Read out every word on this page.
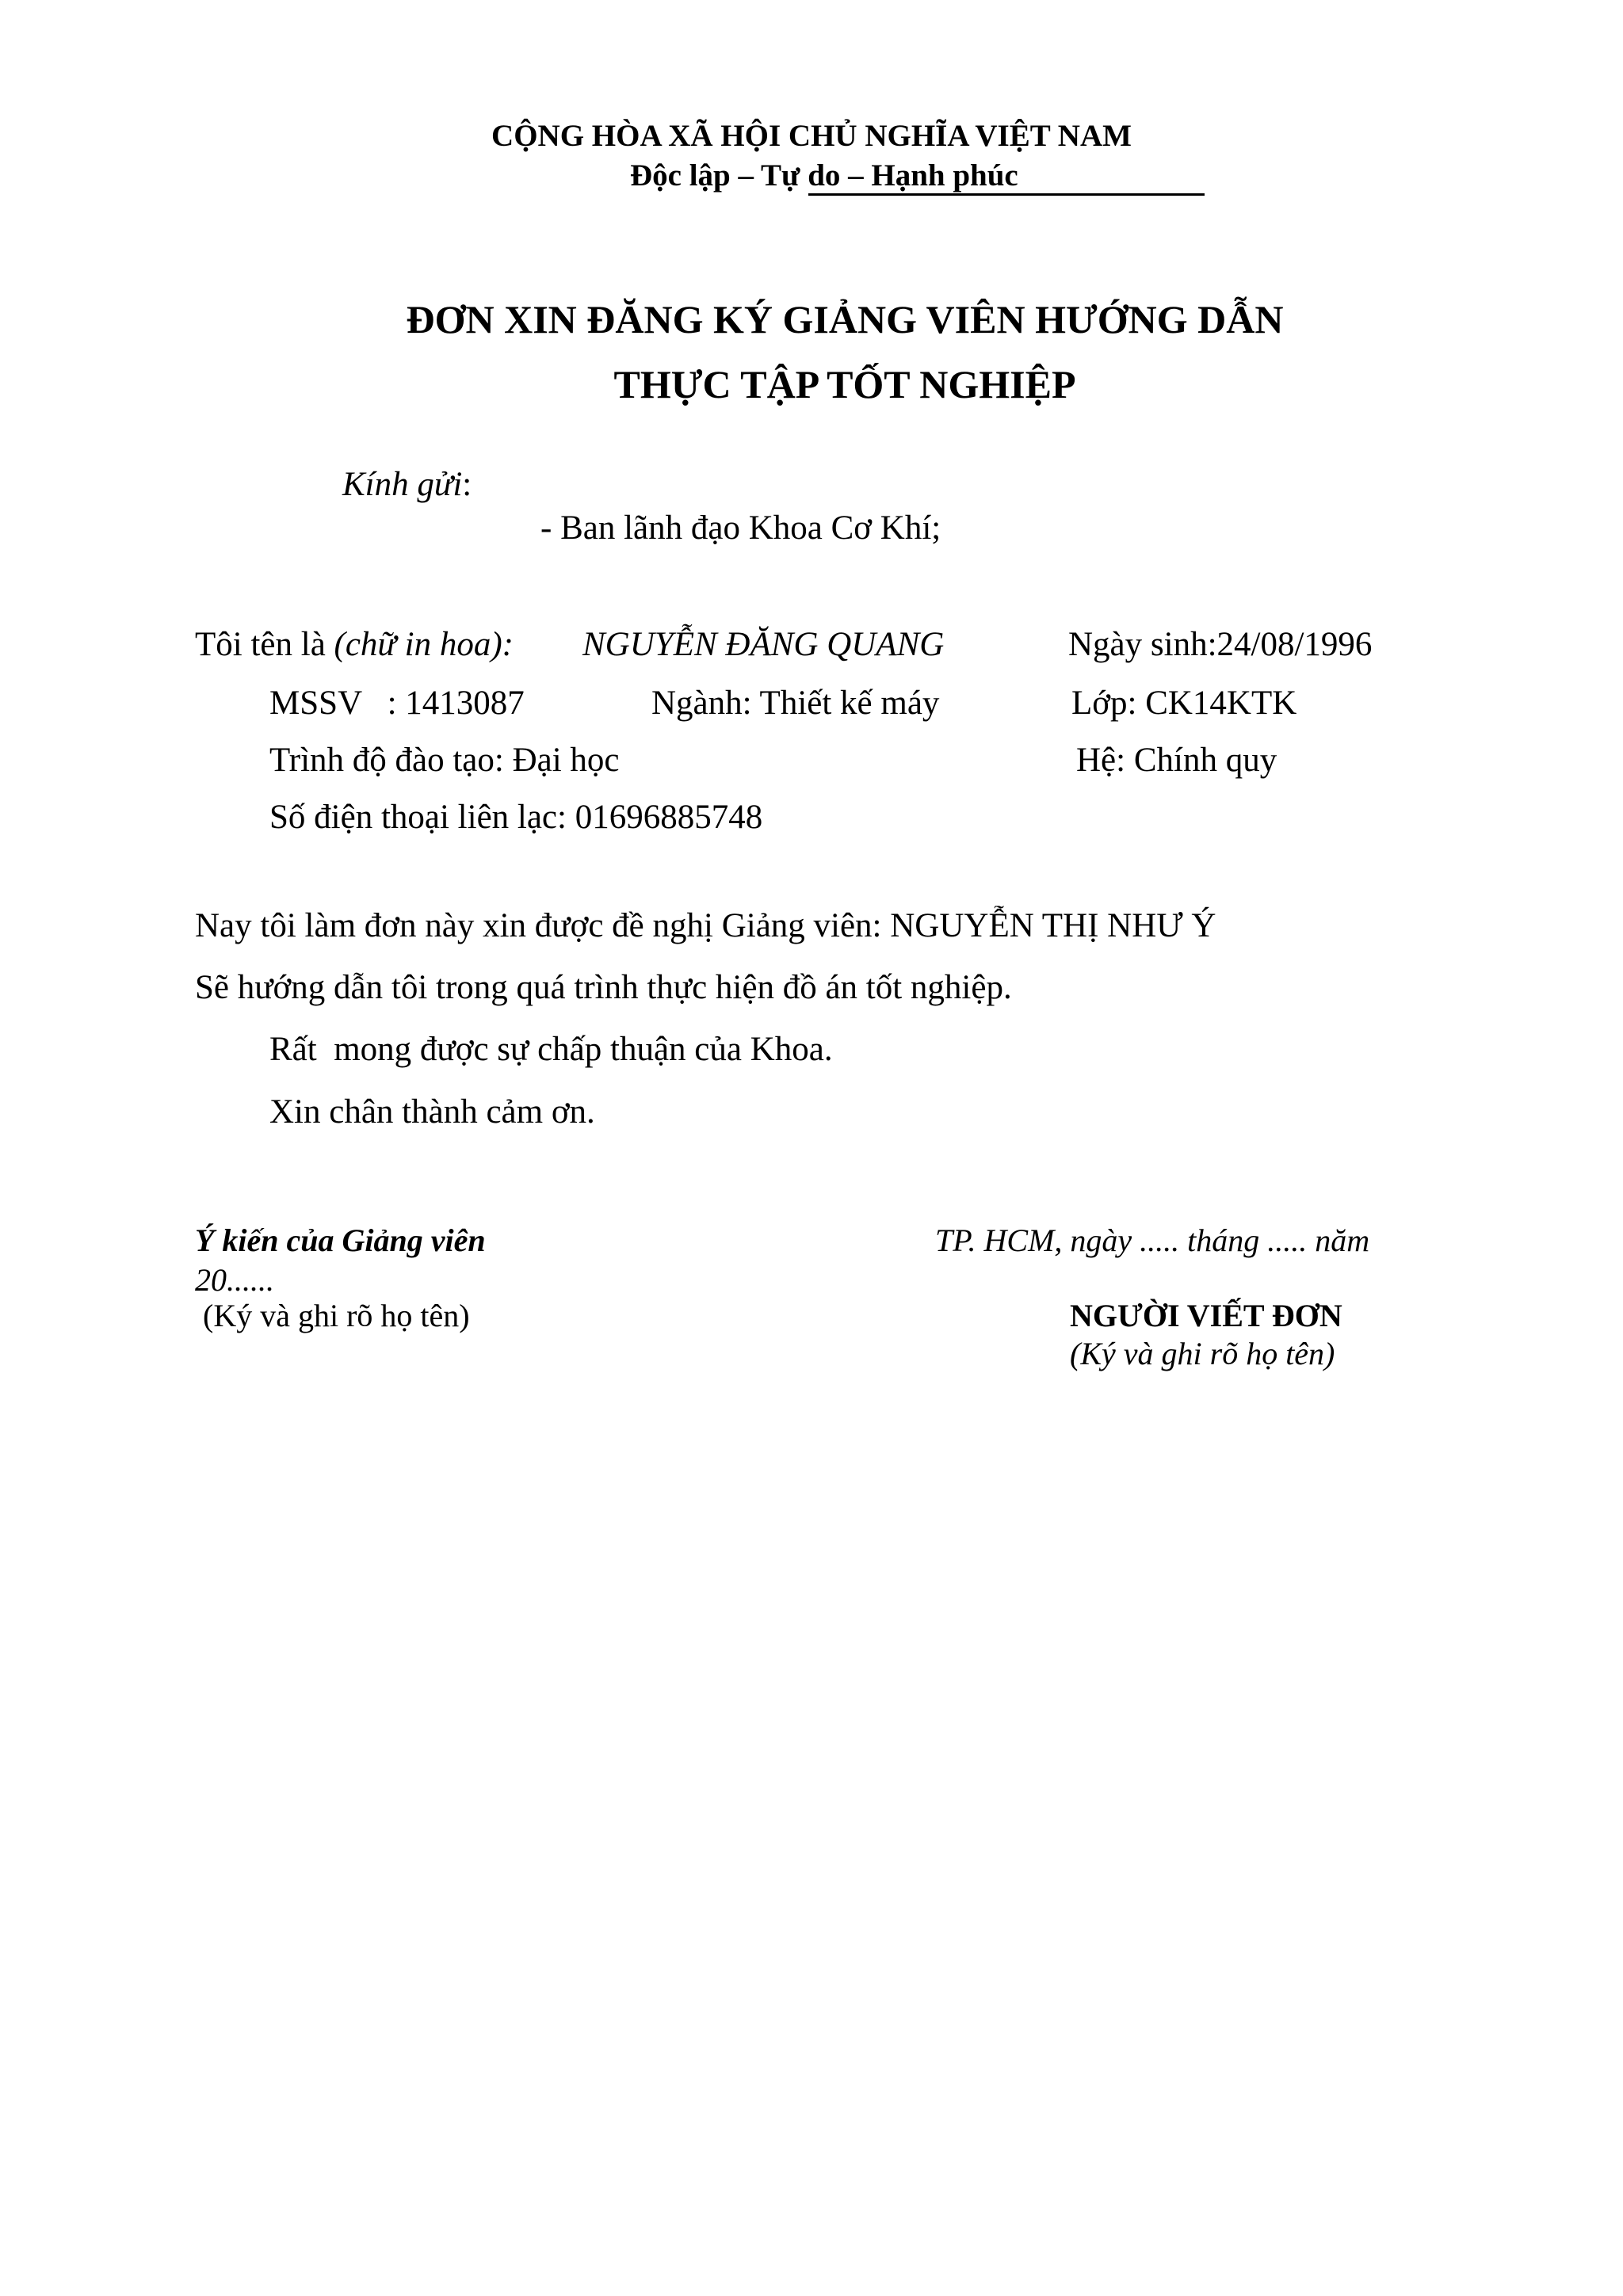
CỘNG HÒA XÃ HỘI CHỦ NGHĨA VIỆT NAM
Độc lập – Tự do – Hạnh phúc
ĐƠN XIN ĐĂNG KÝ GIẢNG VIÊN HƯỚNG DẪN
THỰC TẬP TỐT NGHIỆP
Kính gửi:
- Ban lãnh đạo Khoa Cơ Khí;
Tôi tên là (chữ in hoa): NGUYỄN ĐĂNG QUANG	Ngày sinh:24/08/1996
MSSV   : 1413087	Ngành: Thiết kế máy	Lớp: CK14KTK
Trình độ đào tạo: Đại học	Hệ: Chính quy
Số điện thoại liên lạc: 01696885748
Nay tôi làm đơn này xin được đề nghị Giảng viên: NGUYỄN THỊ NHƯ Ý
Sẽ hướng dẫn tôi trong quá trình thực hiện đồ án tốt nghiệp.
Rất  mong được sự chấp thuận của Khoa.
Xin chân thành cảm ơn.
Ý kiến của Giảng viên	TP. HCM, ngày ..... tháng ..... năm
20......
(Ký và ghi rõ họ tên)	NGƯỜI VIẾT ĐƠN
(Ký và ghi rõ họ tên)
